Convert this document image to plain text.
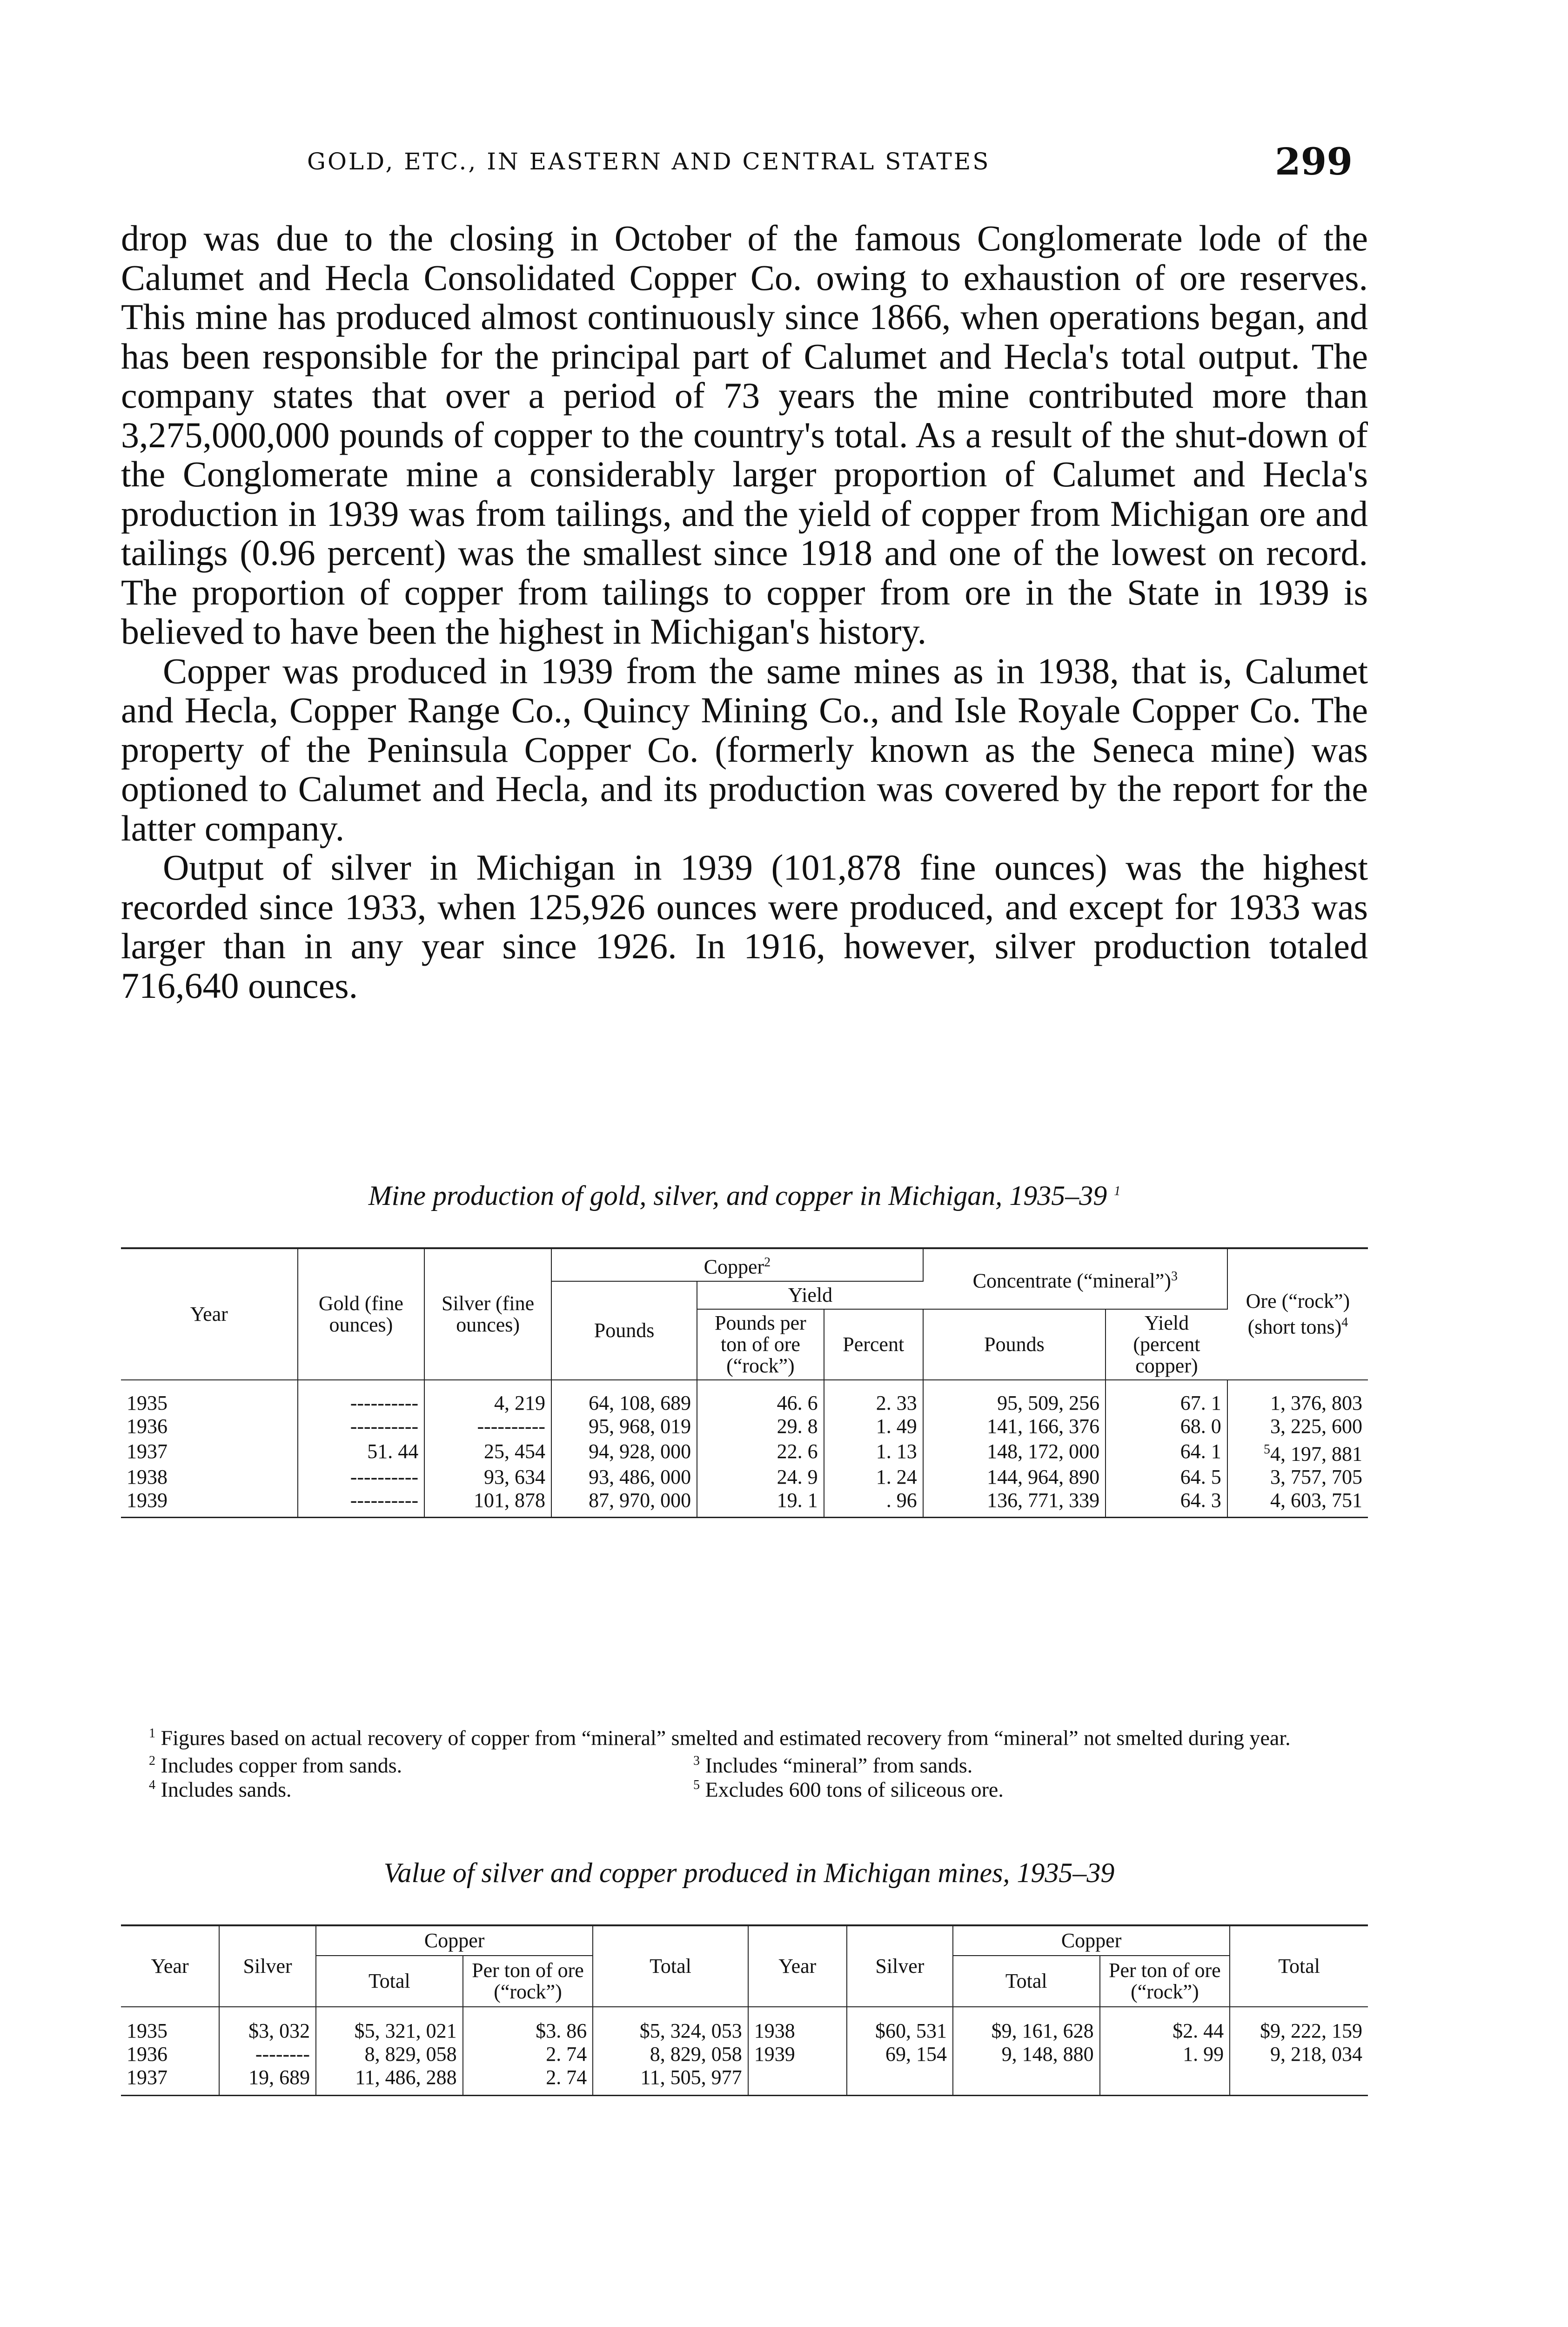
GOLD, ETC., IN EASTERN AND CENTRAL STATES	299

drop was due to the closing in October of the famous Conglomerate lode of the Calumet and Hecla Consolidated Copper Co. owing to exhaustion of ore reserves. This mine has produced almost continuously since 1866, when operations began, and has been responsible for the principal part of Calumet and Hecla's total output. The company states that over a period of 73 years the mine contributed more than 3,275,000,000 pounds of copper to the country's total. As a result of the shut-down of the Conglomerate mine a considerably larger proportion of Calumet and Hecla's production in 1939 was from tailings, and the yield of copper from Michigan ore and tailings (0.96 percent) was the smallest since 1918 and one of the lowest on record. The proportion of copper from tailings to copper from ore in the State in 1939 is believed to have been the highest in Michigan's history.

Copper was produced in 1939 from the same mines as in 1938, that is, Calumet and Hecla, Copper Range Co., Quincy Mining Co., and Isle Royale Copper Co. The property of the Peninsula Copper Co. (formerly known as the Seneca mine) was optioned to Calumet and Hecla, and its production was covered by the report for the latter company.

Output of silver in Michigan in 1939 (101,878 fine ounces) was the highest recorded since 1933, when 125,926 ounces were produced, and except for 1933 was larger than in any year since 1926. In 1916, however, silver production totaled 716,640 ounces.

Mine production of gold, silver, and copper in Michigan, 1935–39 $^1$
Year	Gold (fine ounces)	Silver (fine ounces)	Copper$^2$			Concentrate (“mineral”)$^3$		Ore (“rock”) (short tons)$^4$
			Pounds	Yield				
				Pounds per ton of ore (“rock”)	Percent	Pounds	Yield (percent copper)	
1935	----------	4, 219	64, 108, 689	46. 6	2. 33	95, 509, 256	67. 1	1, 376, 803
1936	----------	----------	95, 968, 019	29. 8	1. 49	141, 166, 376	68. 0	3, 225, 600
1937	51. 44	25, 454	94, 928, 000	22. 6	1. 13	148, 172, 000	64. 1	$^5$4, 197, 881
1938	----------	93, 634	93, 486, 000	24. 9	1. 24	144, 964, 890	64. 5	3, 757, 705
1939	----------	101, 878	87, 970, 000	19. 1	. 96	136, 771, 339	64. 3	4, 603, 751

$^1$ Figures based on actual recovery of copper from “mineral” smelted and estimated recovery from “mineral” not smelted during year.

$^2$ Includes copper from sands.	$^3$ Includes “mineral” from sands.
$^4$ Includes sands.	$^5$ Excludes 600 tons of siliceous ore.
Value of silver and copper produced in Michigan mines, 1935–39
Year	Silver	Copper		Total	Year	Silver	Copper		Total
		Total	Per ton of ore (“rock”)				Total	Per ton of ore (“rock”)	
1935	$3, 032	$5, 321, 021	$3. 86	$5, 324, 053	1938	$60, 531	$9, 161, 628	$2. 44	$9, 222, 159
1936	--------	8, 829, 058	2. 74	8, 829, 058	1939	69, 154	9, 148, 880	1. 99	9, 218, 034
1937	19, 689	11, 486, 288	2. 74	11, 505, 977					
